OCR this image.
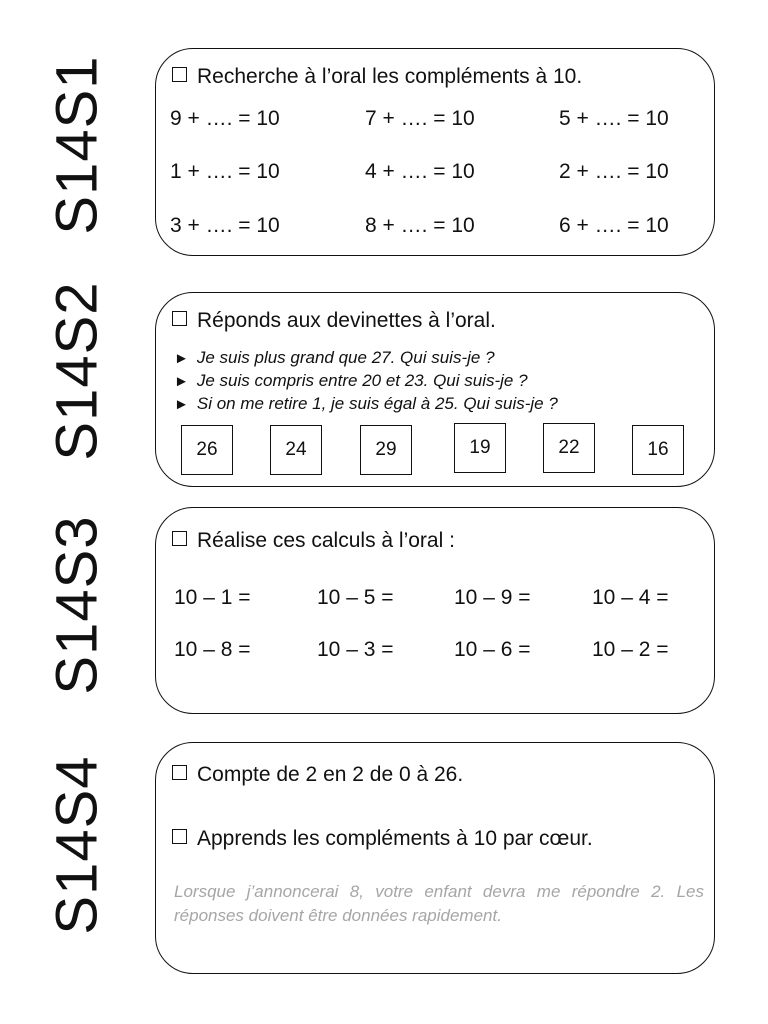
S14S1	Recherche à l’oral les compléments à 10.
9 + …. = 10	7 + …. = 10	5 + …. = 10
1 + …. = 10	4 + …. = 10	2 + …. = 10
3 + …. = 10	8 + …. = 10	6 + …. = 10
S14S2	Réponds aux devinettes à l’oral.
► Je suis plus grand que 27. Qui suis-je ?
► Je suis compris entre 20 et 23. Qui suis-je ?
► Si on me retire 1, je suis égal à 25. Qui suis-je ?
26	24	29	19	22	16
S14S3	Réalise ces calculs à l’oral :
10 – 1 =	10 – 5 =	10 – 9 =	10 – 4 =
10 – 8 =	10 – 3 =	10 – 6 =	10 – 2 =
S14S4	Compte de 2 en 2 de 0 à 26.
Apprends les compléments à 10 par cœur.
Lorsque j’annoncerai 8, votre enfant devra me répondre 2. Les réponses doivent être données rapidement.
